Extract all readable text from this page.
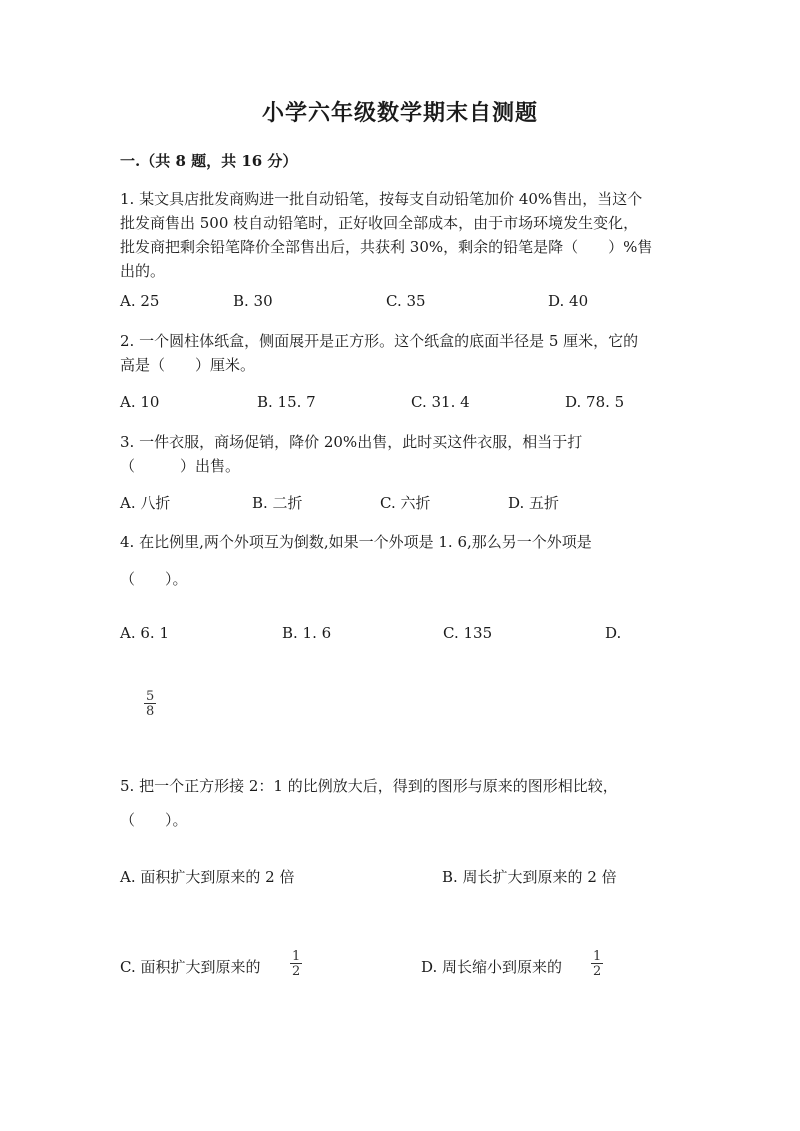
小学六年级数学期末自测题
一.（共 8 题，共 16 分）
1. 某文具店批发商购进一批自动铅笔，按每支自动铅笔加价 40%售出，当这个
批发商售出 500 枝自动铅笔时，正好收回全部成本，由于市场环境发生变化，
批发商把剩余铅笔降价全部售出后，共获利 30%，剩余的铅笔是降（　　）%售
出的。
A. 25	B. 30	C. 35	D. 40
2. 一个圆柱体纸盒，侧面展开是正方形。这个纸盒的底面半径是 5 厘米，它的
高是（　　）厘米。
A. 10	B. 15. 7	C. 31. 4	D. 78. 5
3. 一件衣服，商场促销，降价 20%出售，此时买这件衣服，相当于打
（　　　）出售。
A. 八折	B. 二折	C. 六折	D. 五折
4. 在比例里,两个外项互为倒数,如果一个外项是 1. 6,那么另一个外项是
（　　）。
A. 6. 1	B. 1. 6	C. 135	D.
$\frac{5}{8}$
5. 把一个正方形接 2：1 的比例放大后，得到的图形与原来的图形相比较，
（　　）。
A. 面积扩大到原来的 2 倍	B. 周长扩大到原来的 2 倍
C. 面积扩大到原来的 $\frac{1}{2}$	D. 周长缩小到原来的 $\frac{1}{2}$
